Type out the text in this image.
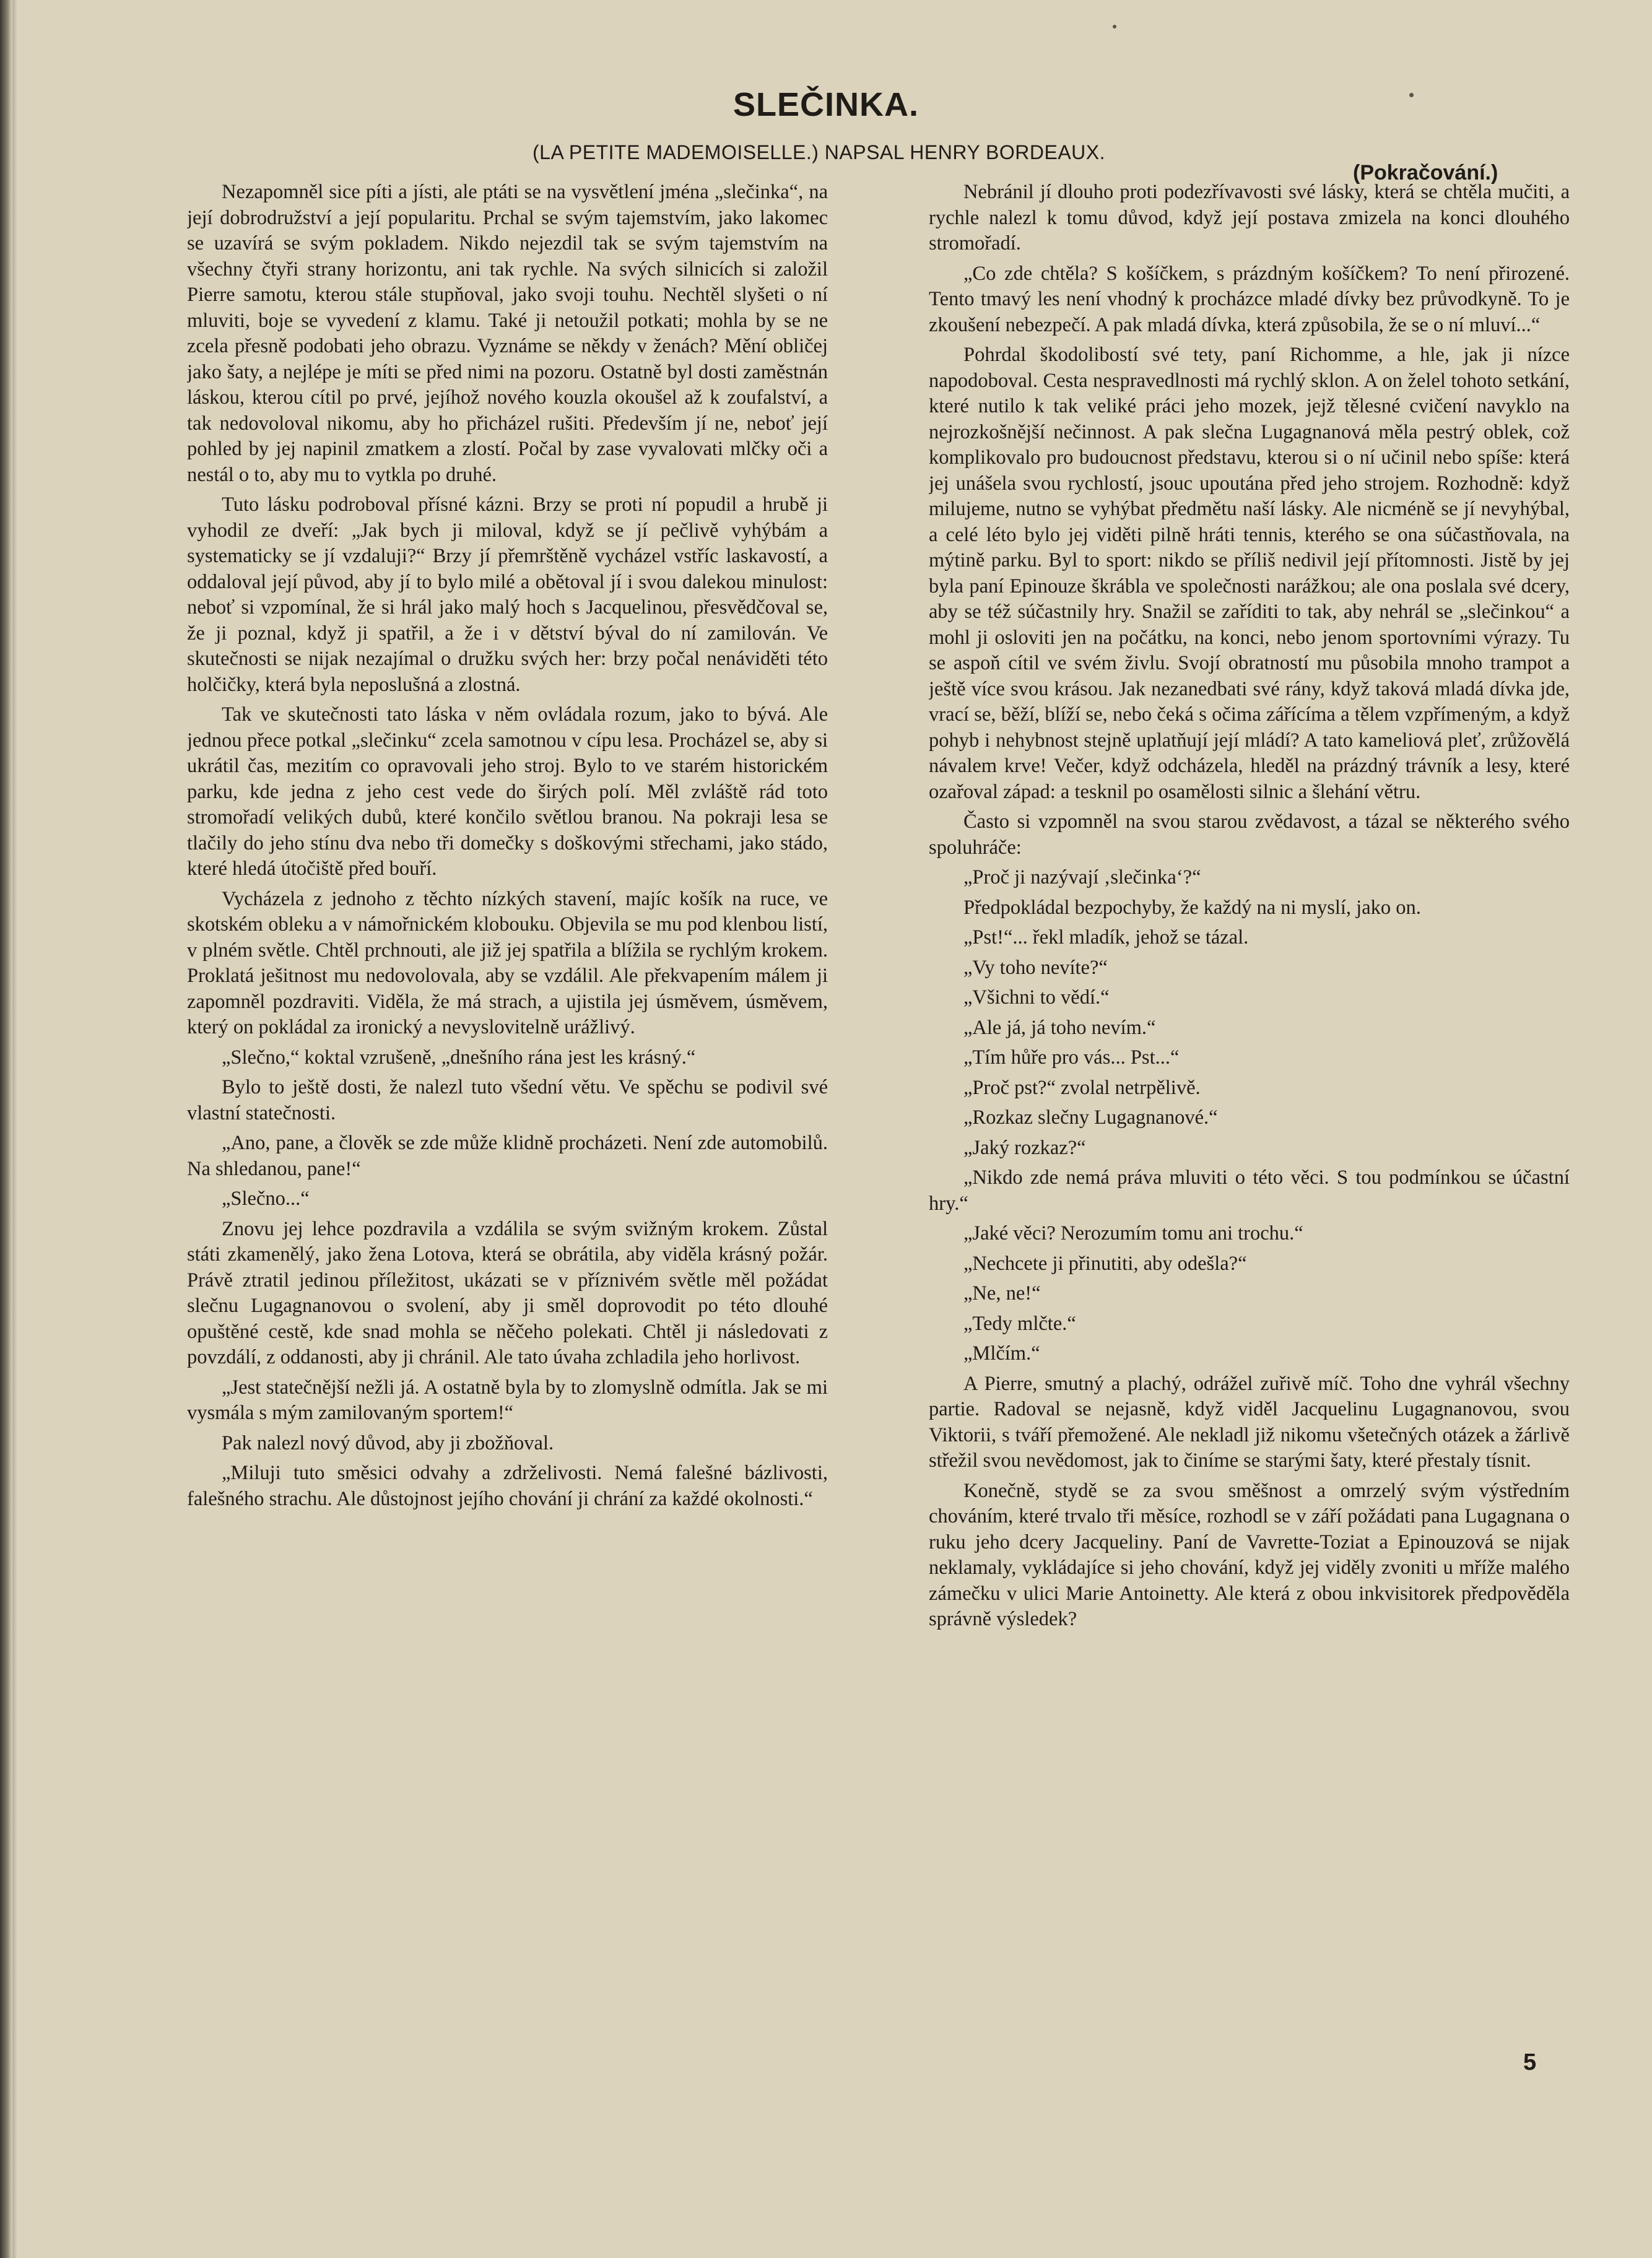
SLEČINKA.
(LA PETITE MADEMOISELLE.) NAPSAL HENRY BORDEAUX.
(Pokračování.)

Nezapomněl sice píti a jísti, ale ptáti se na vysvětlení jména „slečinka“, na její dobrodružství a její popularitu. Prchal se svým tajemstvím, jako lakomec se uzavírá se svým pokladem. Nikdo nejezdil tak se svým tajemstvím na všechny čtyři strany horizontu, ani tak rychle. Na svých silnicích si založil Pierre samotu, kterou stále stupňoval, jako svoji touhu. Nechtěl slyšeti o ní mluviti, boje se vyvedení z klamu. Také ji netoužil potkati; mohla by se ne zcela přesně podobati jeho obrazu. Vyznáme se někdy v ženách? Mění obličej jako šaty, a nejlépe je míti se před nimi na pozoru. Ostatně byl dosti zaměstnán láskou, kterou cítil po prvé, jejíhož nového kouzla okoušel až k zoufalství, a tak nedovoloval nikomu, aby ho přicházel rušiti. Především jí ne, neboť její pohled by jej napinil zmatkem a zlostí. Počal by zase vyvalovati mlčky oči a nestál o to, aby mu to vytkla po druhé.

Tuto lásku podroboval přísné kázni. Brzy se proti ní popudil a hrubě ji vyhodil ze dveří: „Jak bych ji miloval, když se jí pečlivě vyhýbám a systematicky se jí vzdaluji?“ Brzy jí přemrštěně vycházel vstříc laskavostí, a oddaloval její původ, aby jí to bylo milé a obětoval jí i svou dalekou minulost: neboť si vzpomínal, že si hrál jako malý hoch s Jacquelinou, přesvědčoval se, že ji poznal, když ji spatřil, a že i v dětství býval do ní zamilován. Ve skutečnosti se nijak nezajímal o družku svých her: brzy počal nenáviděti této holčičky, která byla neposlušná a zlostná.

Tak ve skutečnosti tato láska v něm ovládala rozum, jako to bývá. Ale jednou přece potkal „slečinku“ zcela samotnou v cípu lesa. Procházel se, aby si ukrátil čas, mezitím co opravovali jeho stroj. Bylo to ve starém historickém parku, kde jedna z jeho cest vede do širých polí. Měl zvláště rád toto stromořadí velikých dubů, které končilo světlou branou. Na pokraji lesa se tlačily do jeho stínu dva nebo tři domečky s doškovými střechami, jako stádo, které hledá útočiště před bouří.

Vycházela z jednoho z těchto nízkých stavení, majíc košík na ruce, ve skotském obleku a v námořnickém klobouku. Objevila se mu pod klenbou listí, v plném světle. Chtěl prchnouti, ale již jej spatřila a blížila se rychlým krokem. Proklatá ješitnost mu nedovolovala, aby se vzdálil. Ale překvapením málem ji zapomněl pozdraviti. Viděla, že má strach, a ujistila jej úsměvem, úsměvem, který on pokládal za ironický a nevyslovitelně urážlivý.

„Slečno,“ koktal vzrušeně, „dnešního rána jest les krásný.“

Bylo to ještě dosti, že nalezl tuto všední větu. Ve spěchu se podivil své vlastní statečnosti.

„Ano, pane, a člověk se zde může klidně procházeti. Není zde automobilů. Na shledanou, pane!“

„Slečno...“

Znovu jej lehce pozdravila a vzdálila se svým svižným krokem. Zůstal státi zkamenělý, jako žena Lotova, která se obrátila, aby viděla krásný požár. Právě ztratil jedinou příležitost, ukázati se v příznivém světle měl požádat slečnu Lugagnanovou o svolení, aby ji směl doprovodit po této dlouhé opuštěné cestě, kde snad mohla se něčeho polekati. Chtěl ji následovati z povzdálí, z oddanosti, aby ji chránil. Ale tato úvaha zchladila jeho horlivost.

„Jest statečnější nežli já. A ostatně byla by to zlomyslně odmítla. Jak se mi vysmála s mým zamilovaným sportem!“

Pak nalezl nový důvod, aby ji zbožňoval.

„Miluji tuto směsici odvahy a zdrželivosti. Nemá falešné bázlivosti, falešného strachu. Ale důstojnost jejího chování ji chrání za každé okolnosti.“

Nebránil jí dlouho proti podezřívavosti své lásky, která se chtěla mučiti, a rychle nalezl k tomu důvod, když její postava zmizela na konci dlouhého stromořadí.

„Co zde chtěla? S košíčkem, s prázdným košíčkem? To není přirozené. Tento tmavý les není vhodný k procházce mladé dívky bez průvodkyně. To je zkoušení nebezpečí. A pak mladá dívka, která způsobila, že se o ní mluví...“

Pohrdal škodolibostí své tety, paní Richomme, a hle, jak ji nízce napodoboval. Cesta nespravedlnosti má rychlý sklon. A on želel tohoto setkání, které nutilo k tak veliké práci jeho mozek, jejž tělesné cvičení navyklo na nejrozkošnější nečinnost. A pak slečna Lugagnanová měla pestrý oblek, což komplikovalo pro budoucnost představu, kterou si o ní učinil nebo spíše: která jej unášela svou rychlostí, jsouc upoutána před jeho strojem. Rozhodně: když milujeme, nutno se vyhýbat předmětu naší lásky. Ale nicméně se jí nevyhýbal, a celé léto bylo jej viděti pilně hráti tennis, kterého se ona súčastňovala, na mýtině parku. Byl to sport: nikdo se příliš nedivil její přítomnosti. Jistě by jej byla paní Epinouze škrábla ve společnosti narážkou; ale ona poslala své dcery, aby se též súčastnily hry. Snažil se zaříditi to tak, aby nehrál se „slečinkou“ a mohl ji osloviti jen na počátku, na konci, nebo jenom sportovními výrazy. Tu se aspoň cítil ve svém živlu. Svojí obratností mu působila mnoho trampot a ještě více svou krásou. Jak nezanedbati své rány, když taková mladá dívka jde, vrací se, běží, blíží se, nebo čeká s očima zářícíma a tělem vzpřímeným, a když pohyb i nehybnost stejně uplatňují její mládí? A tato kameliová pleť, zrůžovělá návalem krve! Večer, když odcházela, hleděl na prázdný trávník a lesy, které ozařoval západ: a tesknil po osamělosti silnic a šlehání větru.

Často si vzpomněl na svou starou zvědavost, a tázal se některého svého spoluhráče:

„Proč ji nazývají ‚slečinka‘?“

Předpokládal bezpochyby, že každý na ni myslí, jako on.

„Pst!“... řekl mladík, jehož se tázal.

„Vy toho nevíte?“

„Všichni to vědí.“

„Ale já, já toho nevím.“

„Tím hůře pro vás... Pst...“

„Proč pst?“ zvolal netrpělivě.

„Rozkaz slečny Lugagnanové.“

„Jaký rozkaz?“

„Nikdo zde nemá práva mluviti o této věci. S tou podmínkou se účastní hry.“

„Jaké věci? Nerozumím tomu ani trochu.“

„Nechcete ji přinutiti, aby odešla?“

„Ne, ne!“

„Tedy mlčte.“

„Mlčím.“

A Pierre, smutný a plachý, odrážel zuřivě míč. Toho dne vyhrál všechny partie. Radoval se nejasně, když viděl Jacquelinu Lugagnanovou, svou Viktorii, s tváří přemožené. Ale nekladl již nikomu všetečných otázek a žárlivě střežil svou nevědomost, jak to činíme se starými šaty, které přestaly tísnit.

Konečně, stydě se za svou směšnost a omrzelý svým výstředním chováním, které trvalo tři měsíce, rozhodl se v září požádati pana Lugagnana o ruku jeho dcery Jacqueliny. Paní de Vavrette-Toziat a Epinouzová se nijak neklamaly, vykládajíce si jeho chování, když jej viděly zvoniti u mříže malého zámečku v ulici Marie Antoinetty. Ale která z obou inkvisitorek předpověděla správně výsledek?

5
